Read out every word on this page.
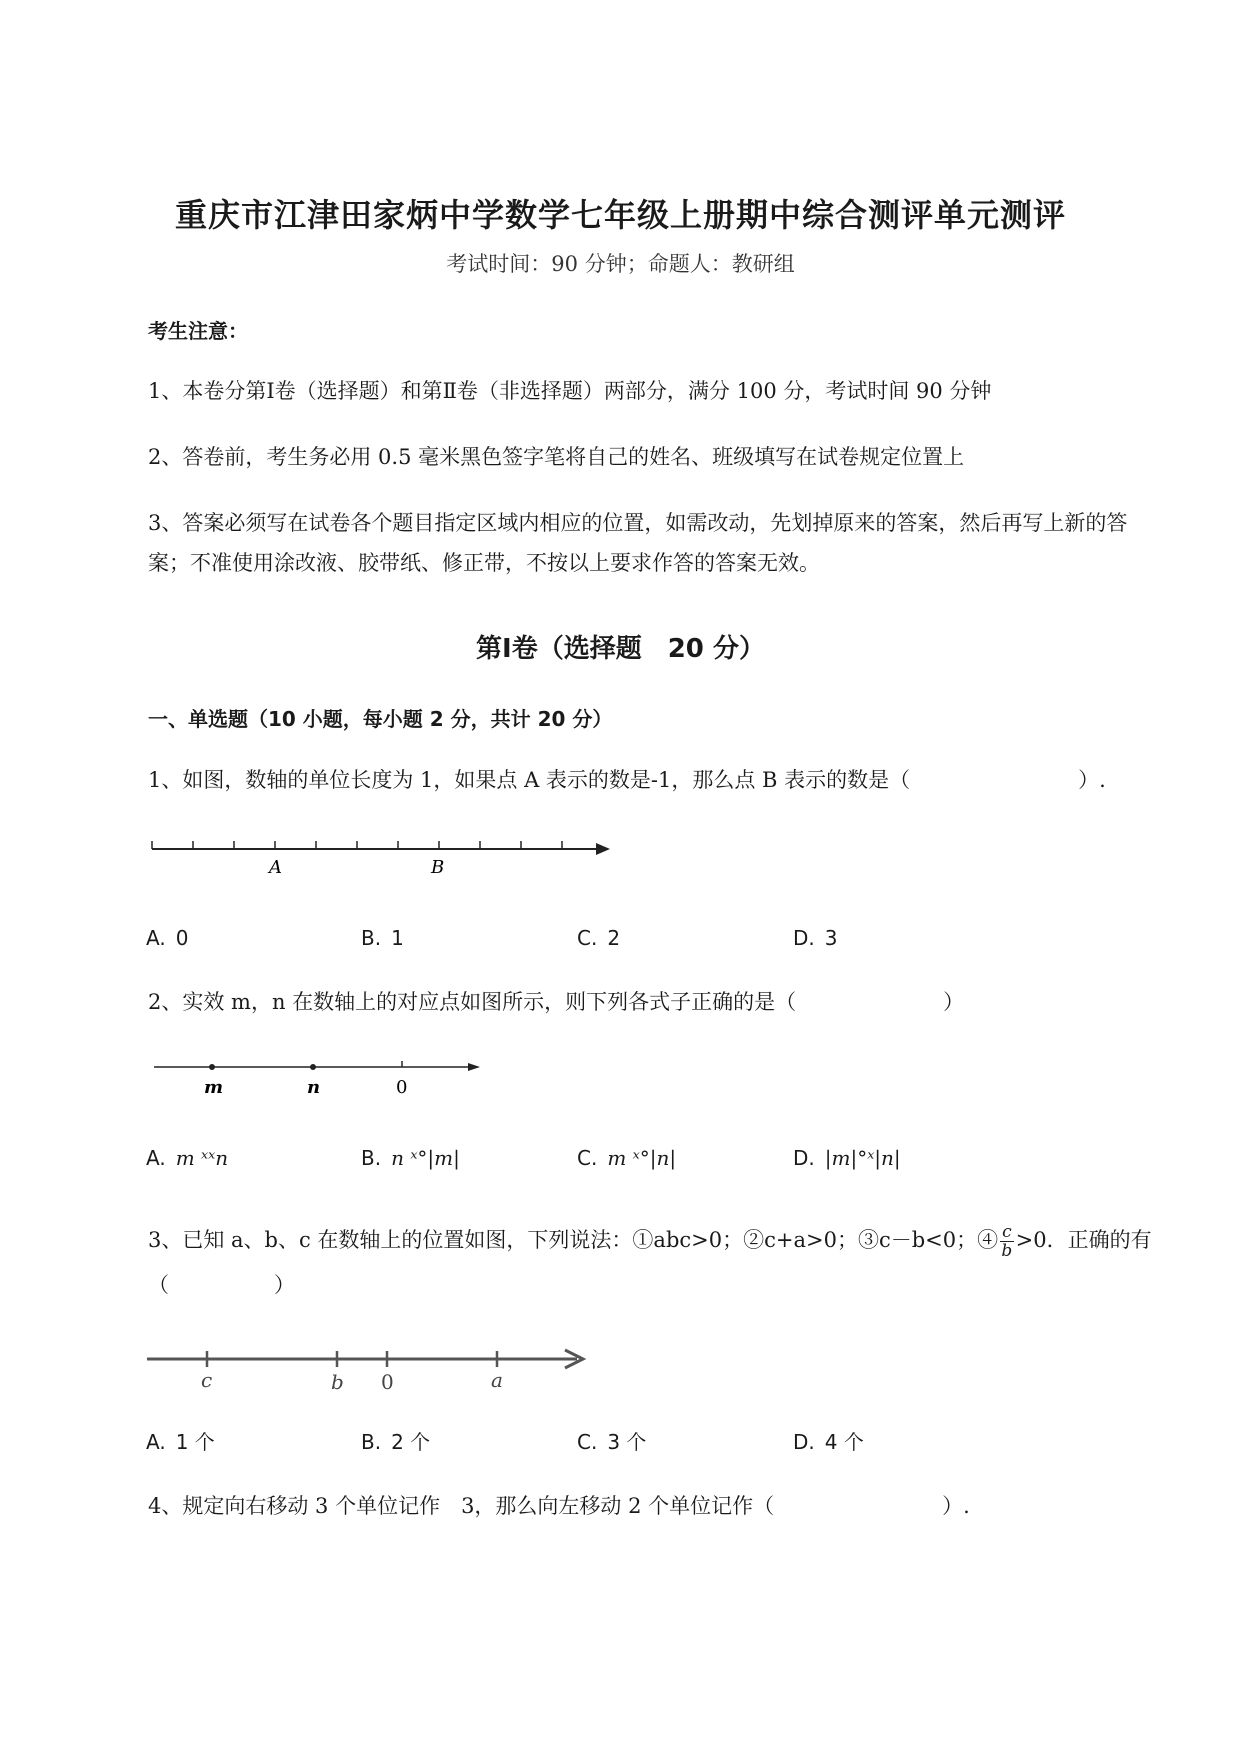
重庆市江津田家炳中学数学七年级上册期中综合测评单元测评
考试时间：90 分钟；命题人：教研组
考生注意：
1、本卷分第Ⅰ卷（选择题）和第Ⅱ卷（非选择题）两部分，满分 100 分，考试时间 90 分钟
2、答卷前，考生务必用 0.5 毫米黑色签字笔将自己的姓名、班级填写在试卷规定位置上
3、答案必须写在试卷各个题目指定区域内相应的位置，如需改动，先划掉原来的答案，然后再写上新的答案；不准使用涂改液、胶带纸、修正带，不按以上要求作答的答案无效。
第Ⅰ卷（选择题　20 分）
一、单选题（10 小题，每小题 2 分，共计 20 分）
1、如图，数轴的单位长度为 1，如果点 A 表示的数是-1，那么点 B 表示的数是（　　　　　　　　）.
A	B
A. 0	B. 1	C. 2	D. 3
2、实效 m，n 在数轴上的对应点如图所示，则下列各式子正确的是（　　　　　　　）
m	n	0
A. m ˣˣn	B. n ˣ°|m|	C. m ˣ°|n|	D. |m|°ˣ|n|
3、已知 a、b、c 在数轴上的位置如图，下列说法：①abc>0；②c+a>0；③c－b<0；④ $\frac{c}{b} >0$．正确的有
（　　　　　）
c	b 0	a
A. 1 个	B. 2 个	C. 3 个	D. 4 个
4、规定向右移动 3 个单位记作　3，那么向左移动 2 个单位记作（　　　　　　　　）.
